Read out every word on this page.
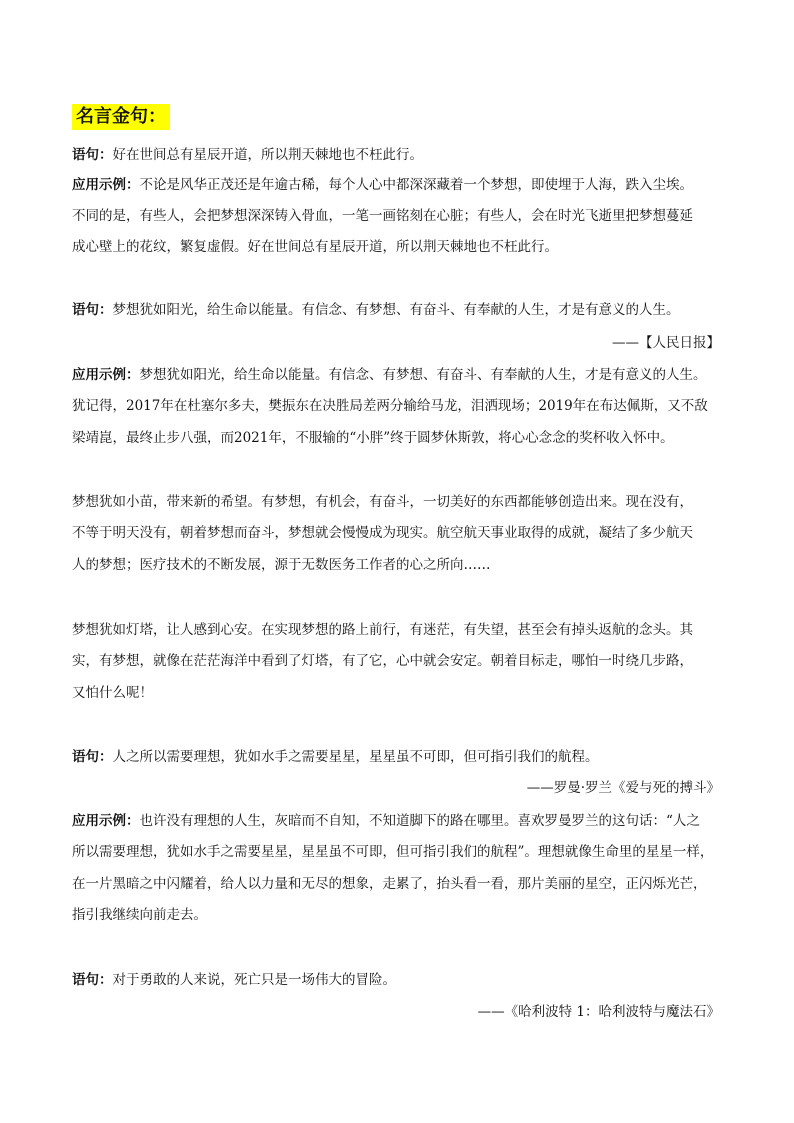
名言金句：
语句：好在世间总有星辰开道，所以荆天棘地也不枉此行。
应用示例：不论是风华正茂还是年逾古稀，每个人心中都深深藏着一个梦想，即使埋于人海，跌入尘埃。
不同的是，有些人，会把梦想深深铸入骨血，一笔一画铭刻在心脏；有些人，会在时光飞逝里把梦想蔓延
成心壁上的花纹，繁复虚假。好在世间总有星辰开道，所以荆天棘地也不枉此行。
语句：梦想犹如阳光，给生命以能量。有信念、有梦想、有奋斗、有奉献的人生，才是有意义的人生。
——【人民日报】
应用示例：梦想犹如阳光，给生命以能量。有信念、有梦想、有奋斗、有奉献的人生，才是有意义的人生。
犹记得，2017年在杜塞尔多夫，樊振东在决胜局差两分输给马龙，泪洒现场；2019年在布达佩斯，又不敌
梁靖崑，最终止步八强，而2021年，不服输的“小胖”终于圆梦休斯敦，将心心念念的奖杯收入怀中。
梦想犹如小苗，带来新的希望。有梦想，有机会，有奋斗，一切美好的东西都能够创造出来。现在没有，
不等于明天没有，朝着梦想而奋斗，梦想就会慢慢成为现实。航空航天事业取得的成就，凝结了多少航天
人的梦想；医疗技术的不断发展，源于无数医务工作者的心之所向……
梦想犹如灯塔，让人感到心安。在实现梦想的路上前行，有迷茫，有失望，甚至会有掉头返航的念头。其
实，有梦想，就像在茫茫海洋中看到了灯塔，有了它，心中就会安定。朝着目标走，哪怕一时绕几步路，
又怕什么呢！
语句：人之所以需要理想，犹如水手之需要星星，星星虽不可即，但可指引我们的航程。
——罗曼·罗兰《爱与死的搏斗》
应用示例：也许没有理想的人生，灰暗而不自知，不知道脚下的路在哪里。喜欢罗曼罗兰的这句话：“人之
所以需要理想，犹如水手之需要星星，星星虽不可即，但可指引我们的航程”。理想就像生命里的星星一样，
在一片黑暗之中闪耀着，给人以力量和无尽的想象，走累了，抬头看一看，那片美丽的星空，正闪烁光芒，
指引我继续向前走去。
语句：对于勇敢的人来说，死亡只是一场伟大的冒险。
——《哈利波特 1：哈利波特与魔法石》
